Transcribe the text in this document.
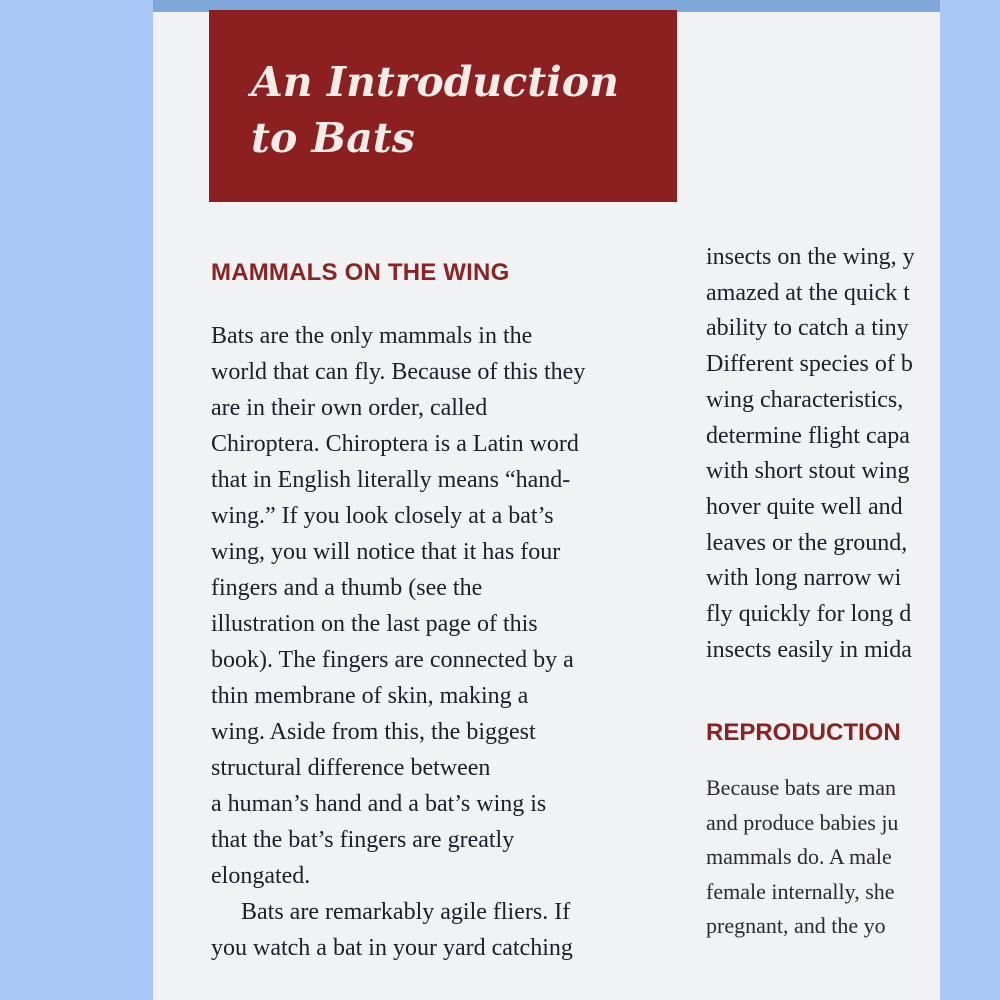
An Introduction
to Bats
MAMMALS ON THE WING
Bats are the only mammals in the
world that can fly. Because of this they
are in their own order, called
Chiroptera. Chiroptera is a Latin word
that in English literally means “hand-
wing.” If you look closely at a bat’s
wing, you will notice that it has four
fingers and a thumb (see the
illustration on the last page of this
book). The fingers are connected by a
thin membrane of skin, making a
wing. Aside from this, the biggest
structural difference between
a human’s hand and a bat’s wing is
that the bat’s fingers are greatly
elongated.
Bats are remarkably agile fliers. If
you watch a bat in your yard catching
insects on the wing, y
amazed at the quick t
ability to catch a tiny
Different species of b
wing characteristics,
determine flight capa
with short stout wing
hover quite well and
leaves or the ground,
with long narrow wi
fly quickly for long d
insects easily in mida
REPRODUCTION
Because bats are man
and produce babies ju
mammals do. A male
female internally, she
pregnant, and the yo
